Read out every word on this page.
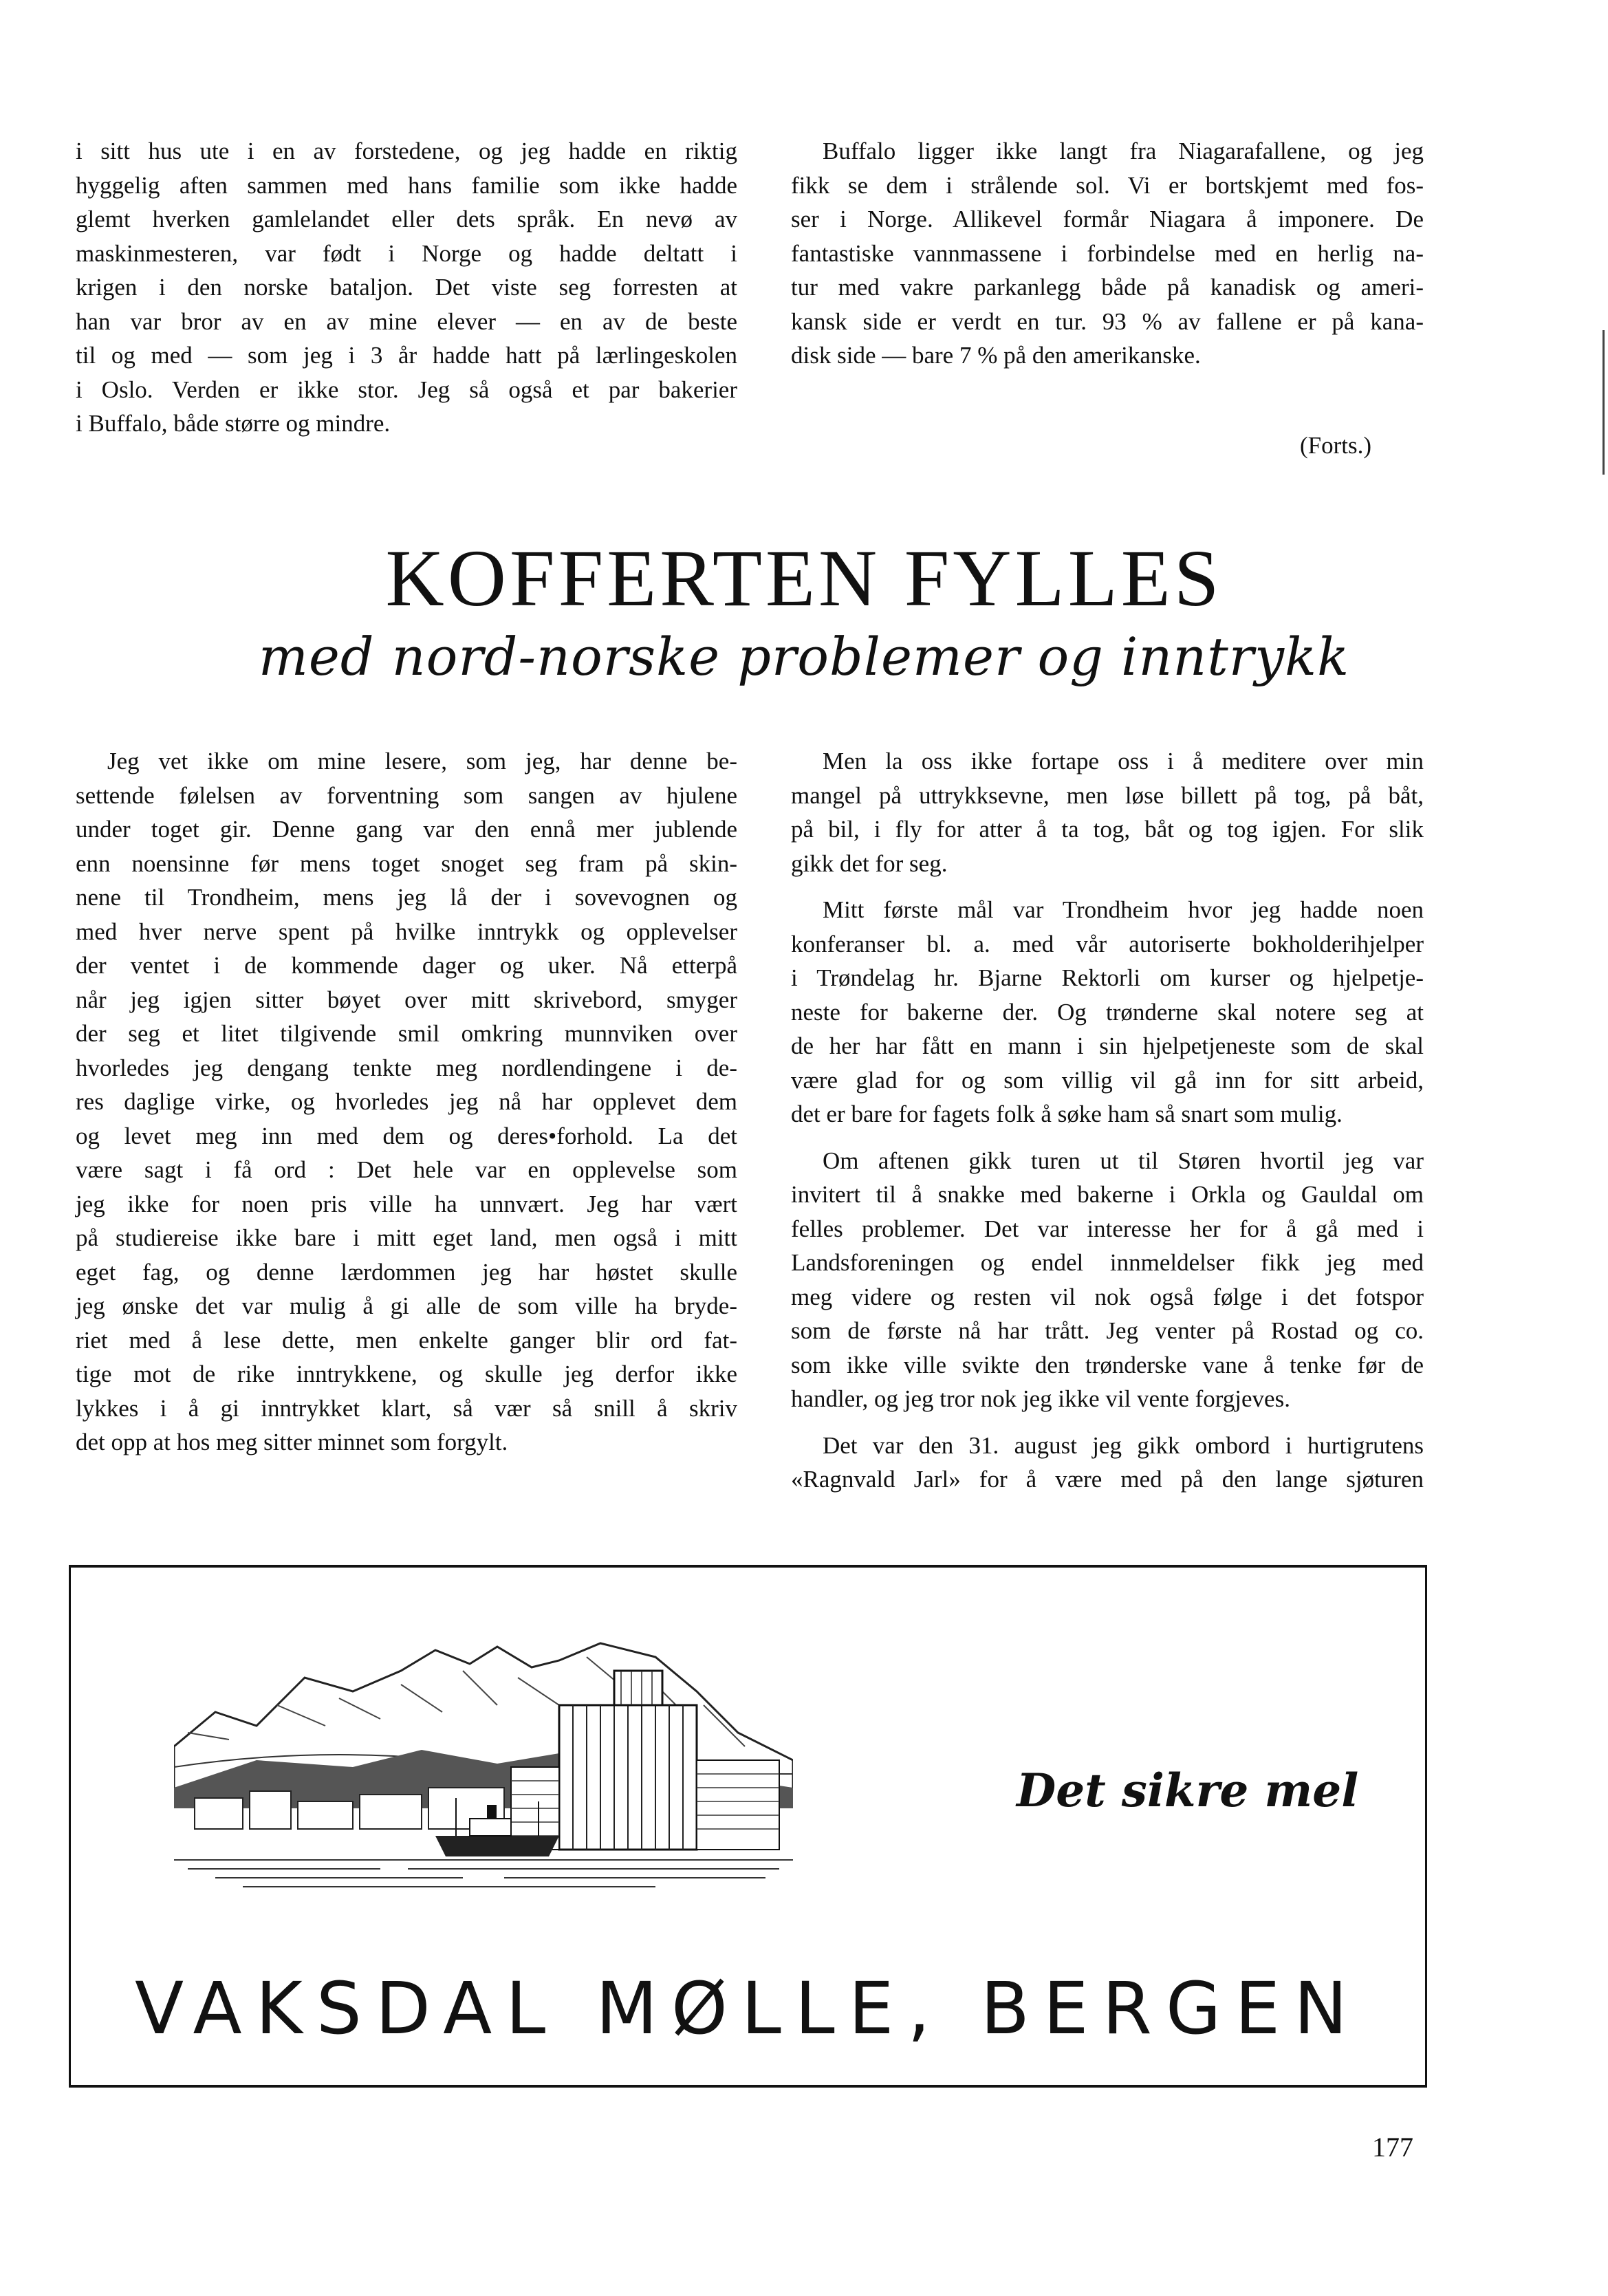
i sitt hus ute i en av forstedene, og jeg hadde en riktig
hyggelig aften sammen med hans familie som ikke hadde
glemt hverken gamlelandet eller dets språk. En nevø av
maskinmesteren, var født i Norge og hadde deltatt i
krigen i den norske bataljon. Det viste seg forresten at
han var bror av en av mine elever — en av de beste
til og med — som jeg i 3 år hadde hatt på lærlingeskolen
i Oslo. Verden er ikke stor. Jeg så også et par bakerier
i Buffalo, både større og mindre.
Buffalo ligger ikke langt fra Niagarafallene, og jeg
fikk se dem i strålende sol. Vi er bortskjemt med fos-
ser i Norge. Allikevel formår Niagara å imponere. De
fantastiske vannmassene i forbindelse med en herlig na-
tur med vakre parkanlegg både på kanadisk og ameri-
kansk side er verdt en tur. 93 % av fallene er på kana-
disk side — bare 7 % på den amerikanske.
(Forts.)
KOFFERTEN FYLLES
med nord-norske problemer og inntrykk
Jeg vet ikke om mine lesere, som jeg, har denne be-
settende følelsen av forventning som sangen av hjulene
under toget gir. Denne gang var den ennå mer jublende
enn noensinne før mens toget snoget seg fram på skin-
nene til Trondheim, mens jeg lå der i sovevognen og
med hver nerve spent på hvilke inntrykk og opplevelser
der ventet i de kommende dager og uker. Nå etterpå
når jeg igjen sitter bøyet over mitt skrivebord, smyger
der seg et litet tilgivende smil omkring munnviken over
hvorledes jeg dengang tenkte meg nordlendingene i de-
res daglige virke, og hvorledes jeg nå har opplevet dem
og levet meg inn med dem og deres•forhold. La det
være sagt i få ord : Det hele var en opplevelse som
jeg ikke for noen pris ville ha unnvært. Jeg har vært
på studiereise ikke bare i mitt eget land, men også i mitt
eget fag, og denne lærdommen jeg har høstet skulle
jeg ønske det var mulig å gi alle de som ville ha bryde-
riet med å lese dette, men enkelte ganger blir ord fat-
tige mot de rike inntrykkene, og skulle jeg derfor ikke
lykkes i å gi inntrykket klart, så vær så snill å skriv
det opp at hos meg sitter minnet som forgylt.
Men la oss ikke fortape oss i å meditere over min
mangel på uttrykksevne, men løse billett på tog, på båt,
på bil, i fly for atter å ta tog, båt og tog igjen. For slik
gikk det for seg.
Mitt første mål var Trondheim hvor jeg hadde noen
konferanser bl. a. med vår autoriserte bokholderihjelper
i Trøndelag hr. Bjarne Rektorli om kurser og hjelpetje-
neste for bakerne der. Og trønderne skal notere seg at
de her har fått en mann i sin hjelpetjeneste som de skal
være glad for og som villig vil gå inn for sitt arbeid,
det er bare for fagets folk å søke ham så snart som mulig.
Om aftenen gikk turen ut til Støren hvortil jeg var
invitert til å snakke med bakerne i Orkla og Gauldal om
felles problemer. Det var interesse her for å gå med i
Landsforeningen og endel innmeldelser fikk jeg med
meg videre og resten vil nok også følge i det fotspor
som de første nå har trått. Jeg venter på Rostad og co.
som ikke ville svikte den trønderske vane å tenke før de
handler, og jeg tror nok jeg ikke vil vente forgjeves.
Det var den 31. august jeg gikk ombord i hurtigrutens
«Ragnvald Jarl» for å være med på den lange sjøturen
Det sikre mel
VAKSDAL MØLLE, BERGEN
177
